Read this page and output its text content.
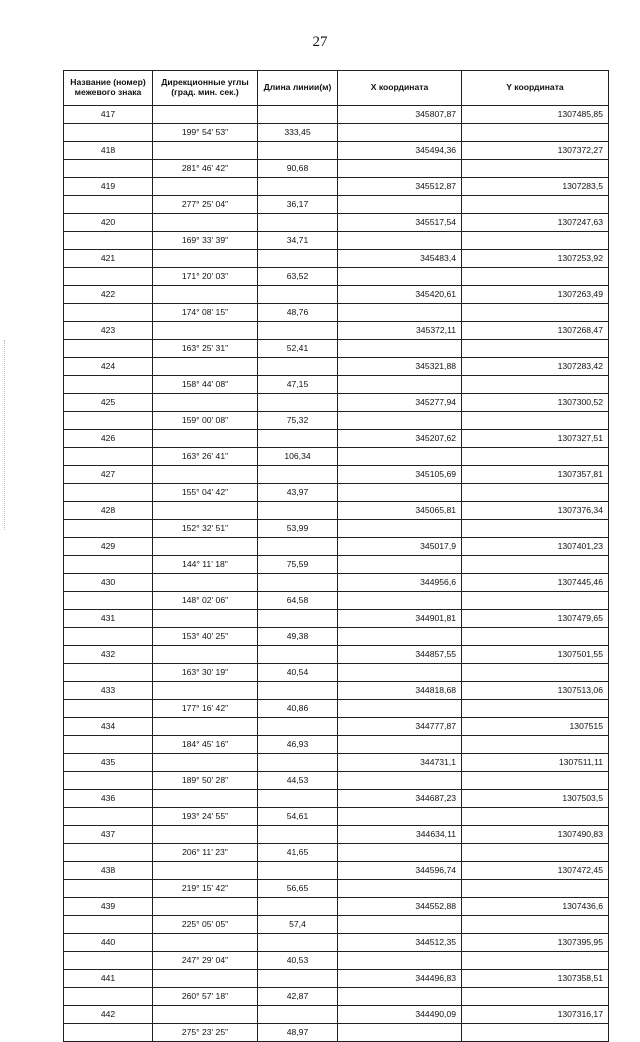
27
Название (номер) межевого знака	Дирекционные углы (град. мин. сек.)	Длина линии(м)	X координата	Y координата
417			345807,87	1307485,85
	199° 54' 53"	333,45		
418			345494,36	1307372,27
	281° 46' 42"	90,68		
419			345512,87	1307283,5
	277° 25' 04"	36,17		
420			345517,54	1307247,63
	169° 33' 39"	34,71		
421			345483,4	1307253,92
	171° 20' 03"	63,52		
422			345420,61	1307263,49
	174° 08' 15"	48,76		
423			345372,11	1307268,47
	163° 25' 31"	52,41		
424			345321,88	1307283,42
	158° 44' 08"	47,15		
425			345277,94	1307300,52
	159° 00' 08"	75,32		
426			345207,62	1307327,51
	163° 26' 41"	106,34		
427			345105,69	1307357,81
	155° 04' 42"	43,97		
428			345065,81	1307376,34
	152° 32' 51"	53,99		
429			345017,9	1307401,23
	144° 11' 18"	75,59		
430			344956,6	1307445,46
	148° 02' 06"	64,58		
431			344901,81	1307479,65
	153° 40' 25"	49,38		
432			344857,55	1307501,55
	163° 30' 19"	40,54		
433			344818,68	1307513,06
	177° 16' 42"	40,86		
434			344777,87	1307515
	184° 45' 16"	46,93		
435			344731,1	1307511,11
	189° 50' 28"	44,53		
436			344687,23	1307503,5
	193° 24' 55"	54,61		
437			344634,11	1307490,83
	206° 11' 23"	41,65		
438			344596,74	1307472,45
	219° 15' 42"	56,65		
439			344552,88	1307436,6
	225° 05' 05"	57,4		
440			344512,35	1307395,95
	247° 29' 04"	40,53		
441			344496,83	1307358,51
	260° 57' 18"	42,87		
442			344490,09	1307316,17
	275° 23' 25"	48,97		
